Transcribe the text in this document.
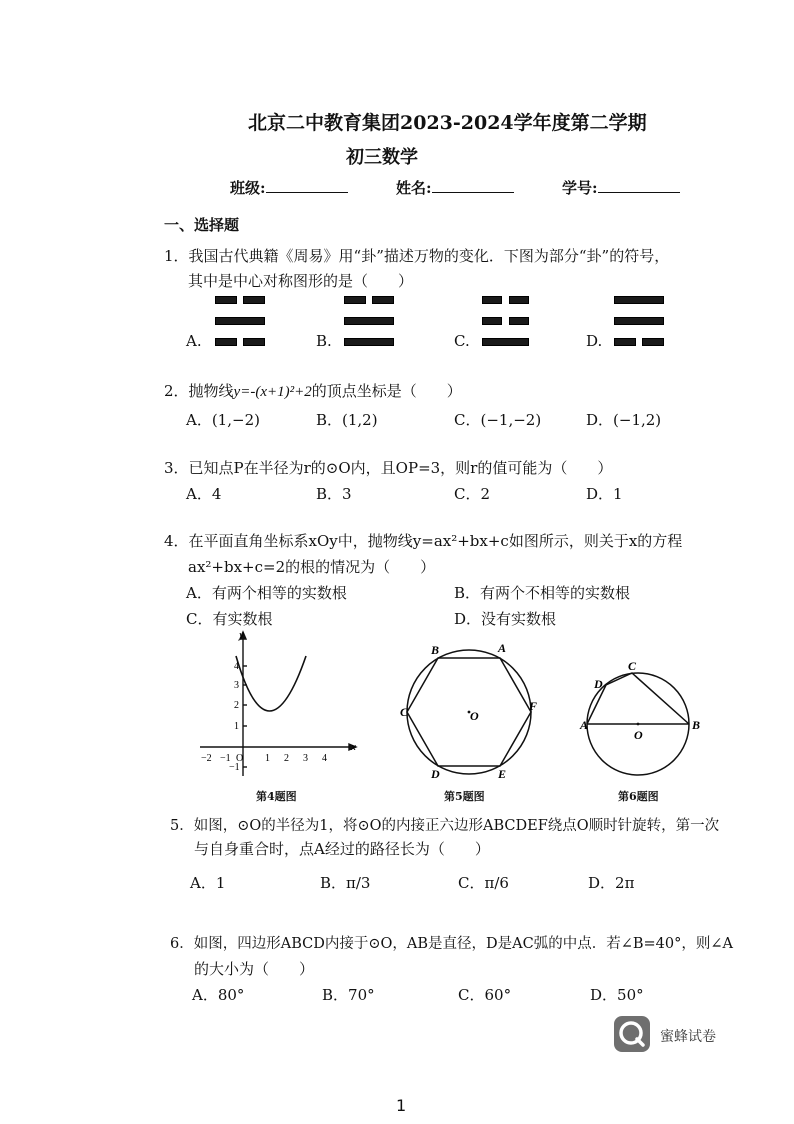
北京二中教育集团2023-2024学年度第二学期
初三数学
班级:	姓名:	学号:
一、选择题
1．我国古代典籍《周易》用“卦”描述万物的变化．下图为部分“卦”的符号，
其中是中心对称图形的是（　　）
A.	B.	C.	D.
2．抛物线y=-(x+1)²+2的顶点坐标是（　　）
A．(1,−2)	B．(1,2)	C．(−1,−2)	D．(−1,2)
3．已知点P在半径为r的⊙O内，且OP=3，则r的值可能为（　　）
A．4	B．3	C．2	D．1
4．在平面直角坐标系xOy中，抛物线y=ax²+bx+c如图所示，则关于x的方程
ax²+bx+c=2的根的情况为（　　）
A．有两个相等的实数根	B．有两个不相等的实数根
C．有实数根	D．没有实数根
y
x
−2 −1 O 1 2 3 4
4
3
2
1
−1
第4题图
A
B
C
D	E
F
O
第5题图
A	B
C
D
O
第6题图
5．如图，⊙O的半径为1，将⊙O的内接正六边形ABCDEF绕点O顺时针旋转，第一次
与自身重合时，点A经过的路径长为（　　）
A．1	B．π/3	C．π/6	D．2π
6．如图，四边形ABCD内接于⊙O，AB是直径，D是AC弧的中点．若∠B=40°，则∠A
的大小为（　　）
A．80°	B．70°	C．60°	D．50°
蜜蜂试卷
1
